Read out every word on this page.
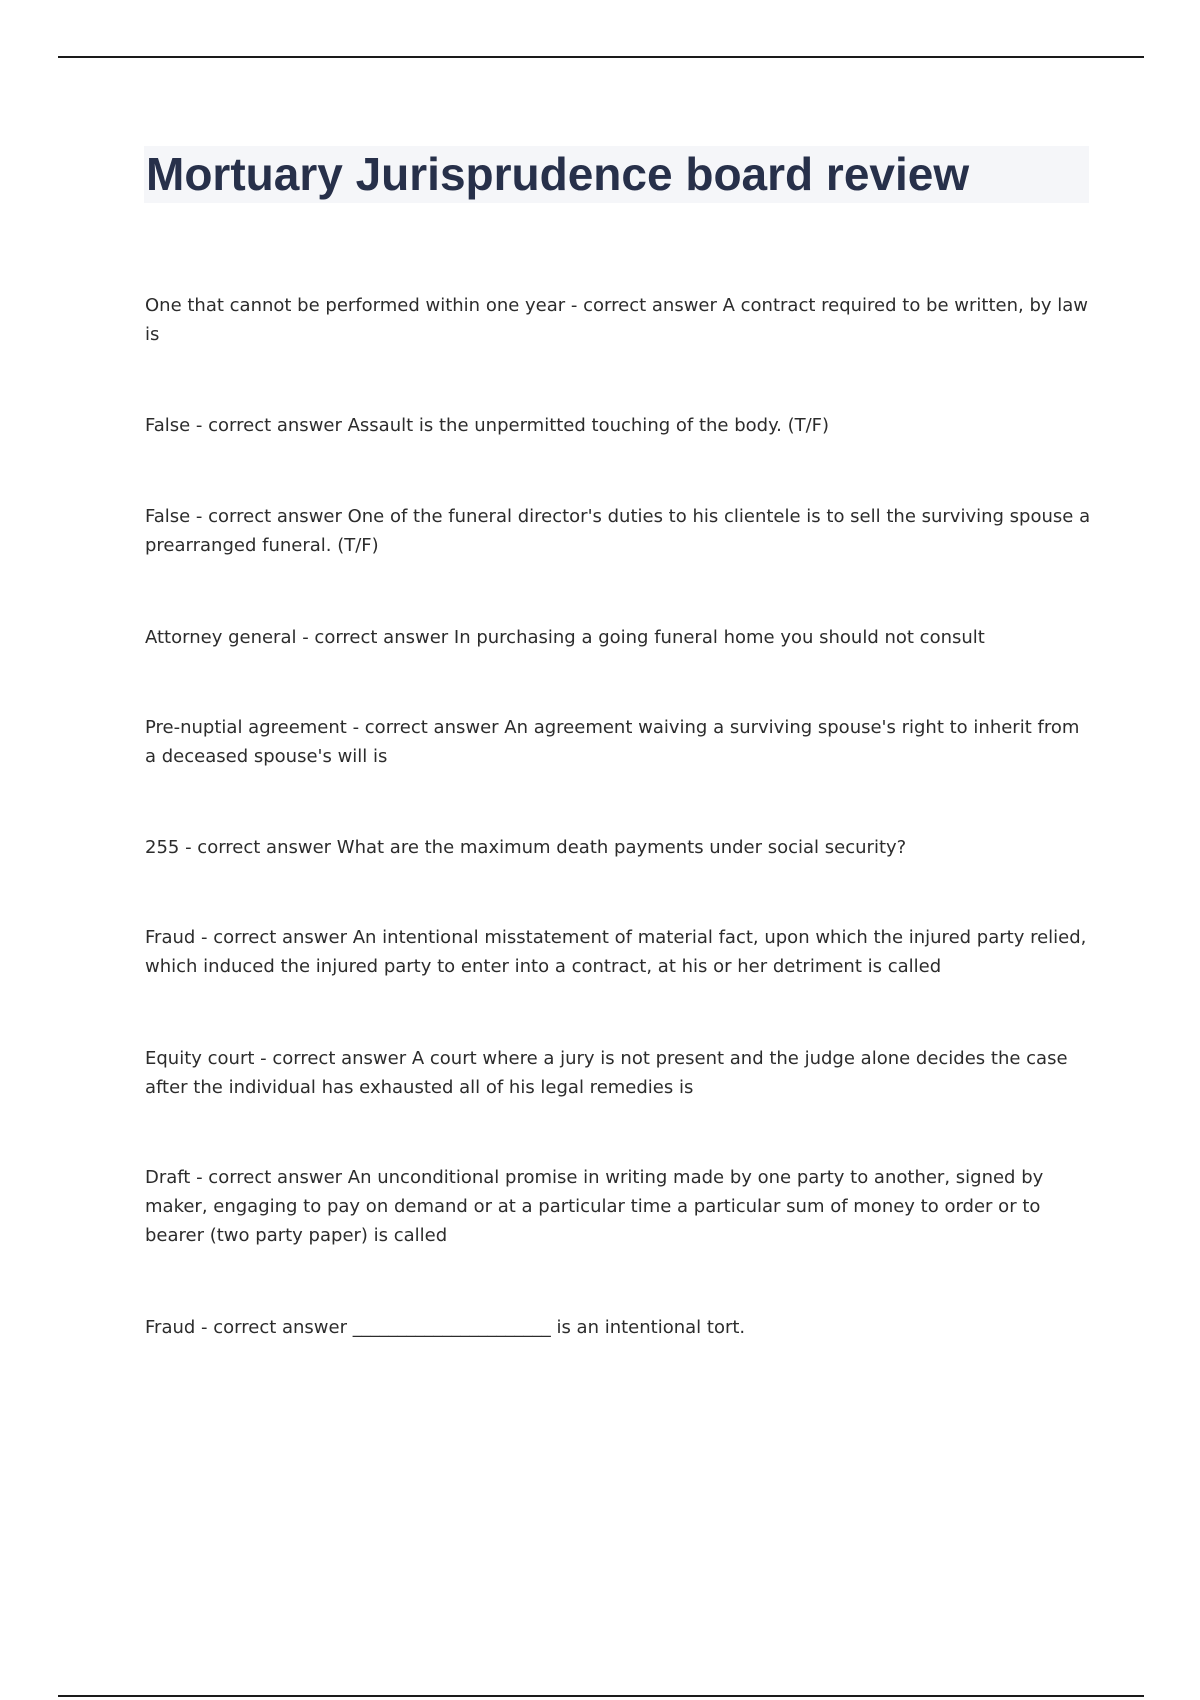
Mortuary Jurisprudence board review

One that cannot be performed within one year - correct answer A contract required to be written, by law is

False - correct answer Assault is the unpermitted touching of the body. (T/F)

False - correct answer One of the funeral director's duties to his clientele is to sell the surviving spouse a prearranged funeral. (T/F)

Attorney general - correct answer In purchasing a going funeral home you should not consult

Pre-nuptial agreement - correct answer An agreement waiving a surviving spouse's right to inherit from a deceased spouse's will is

255 - correct answer What are the maximum death payments under social security?

Fraud - correct answer An intentional misstatement of material fact, upon which the injured party relied, which induced the injured party to enter into a contract, at his or her detriment is called

Equity court - correct answer A court where a jury is not present and the judge alone decides the case after the individual has exhausted all of his legal remedies is

Draft - correct answer An unconditional promise in writing made by one party to another, signed by maker, engaging to pay on demand or at a particular time a particular sum of money to order or to bearer (two party paper) is called

Fraud - correct answer ______________________ is an intentional tort.
